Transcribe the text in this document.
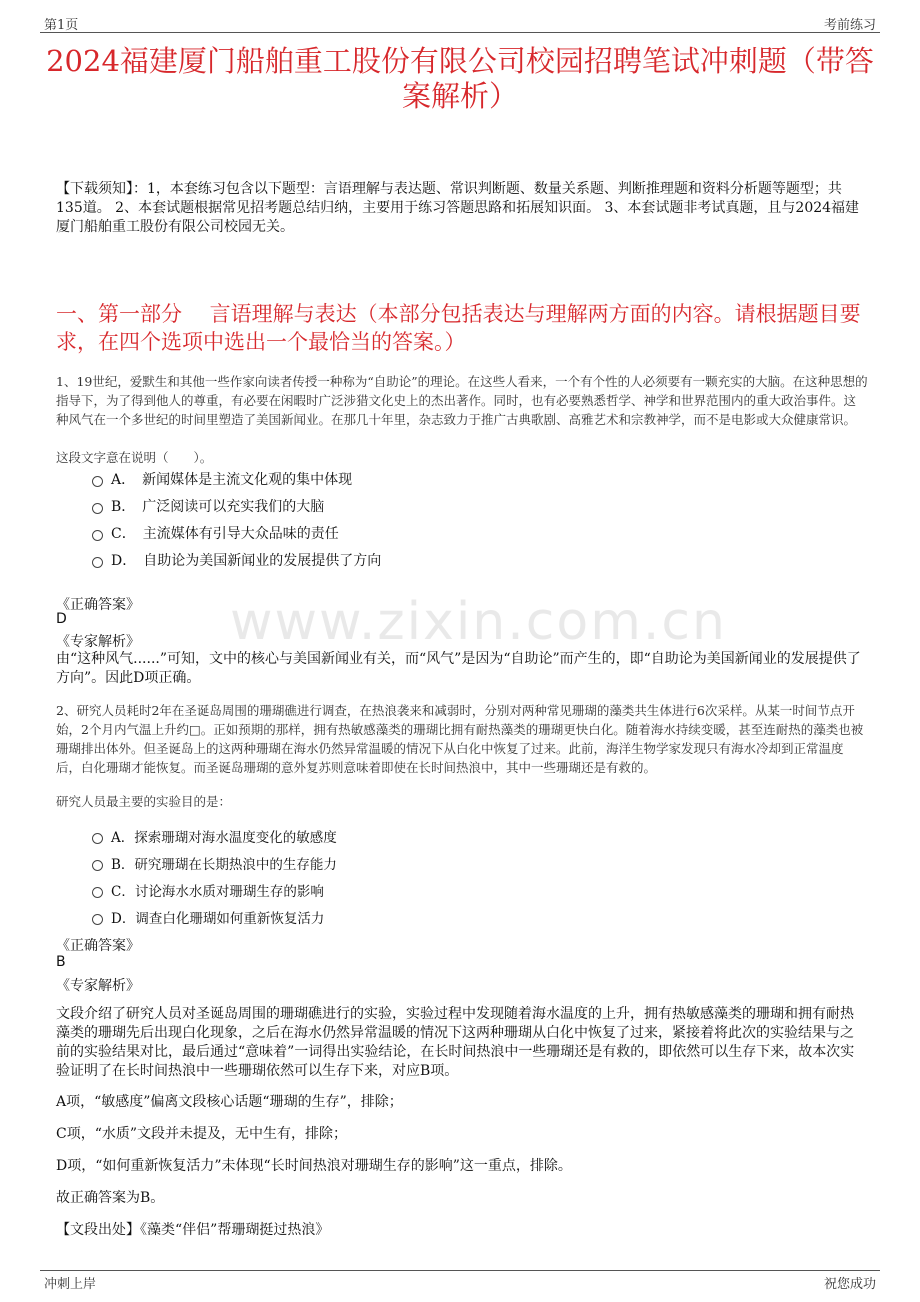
第1页	考前练习
www.zixin.com.cn
2024福建厦门船舶重工股份有限公司校园招聘笔试冲刺题（带答案解析）
【下载须知】：1，本套练习包含以下题型：言语理解与表达题、常识判断题、数量关系题、判断推理题和资料分析题等题型；共135道。 2、本套试题根据常见招考题总结归纳，主要用于练习答题思路和拓展知识面。 3、本套试题非考试真题，且与2024福建厦门船舶重工股份有限公司校园无关。
一、第一部分　 言语理解与表达（本部分包括表达与理解两方面的内容。请根据题目要求，在四个选项中选出一个最恰当的答案。）
1、19世纪，爱默生和其他一些作家向读者传授一种称为“自助论”的理论。在这些人看来，一个有个性的人必须要有一颗充实的大脑。在这种思想的指导下，为了得到他人的尊重，有必要在闲暇时广泛涉猎文化史上的杰出著作。同时，也有必要熟悉哲学、神学和世界范围内的重大政治事件。这种风气在一个多世纪的时间里塑造了美国新闻业。在那几十年里，杂志致力于推广古典歌剧、高雅艺术和宗教神学，而不是电影或大众健康常识。
这段文字意在说明（　　）。
A．　新闻媒体是主流文化观的集中体现
B．　广泛阅读可以充实我们的大脑
C．　主流媒体有引导大众品味的责任
D．　自助论为美国新闻业的发展提供了方向
《正确答案》
D
《专家解析》
由“这种风气......”可知，文中的核心与美国新闻业有关，而“风气”是因为“自助论”而产生的，即“自助论为美国新闻业的发展提供了方向”。因此D项正确。
2、研究人员耗时2年在圣诞岛周围的珊瑚礁进行调查，在热浪袭来和减弱时，分别对两种常见珊瑚的藻类共生体进行6次采样。从某一时间节点开始，2个月内气温上升约□。正如预期的那样，拥有热敏感藻类的珊瑚比拥有耐热藻类的珊瑚更快白化。随着海水持续变暖，甚至连耐热的藻类也被珊瑚排出体外。但圣诞岛上的这两种珊瑚在海水仍然异常温暖的情况下从白化中恢复了过来。此前，海洋生物学家发现只有海水冷却到正常温度后，白化珊瑚才能恢复。而圣诞岛珊瑚的意外复苏则意味着即使在长时间热浪中，其中一些珊瑚还是有救的。
研究人员最主要的实验目的是：
A．探索珊瑚对海水温度变化的敏感度
B．研究珊瑚在长期热浪中的生存能力
C．讨论海水水质对珊瑚生存的影响
D．调查白化珊瑚如何重新恢复活力
《正确答案》
B
《专家解析》
文段介绍了研究人员对圣诞岛周围的珊瑚礁进行的实验，实验过程中发现随着海水温度的上升，拥有热敏感藻类的珊瑚和拥有耐热藻类的珊瑚先后出现白化现象，之后在海水仍然异常温暖的情况下这两种珊瑚从白化中恢复了过来，紧接着将此次的实验结果与之前的实验结果对比，最后通过“意味着”一词得出实验结论，在长时间热浪中一些珊瑚还是有救的，即依然可以生存下来，故本次实验证明了在长时间热浪中一些珊瑚依然可以生存下来，对应B项。
A项，“敏感度”偏离文段核心话题“珊瑚的生存”，排除；
C项，“水质”文段并未提及，无中生有，排除；
D项，“如何重新恢复活力”未体现“长时间热浪对珊瑚生存的影响”这一重点，排除。
故正确答案为B。
【文段出处】《藻类“伴侣”帮珊瑚挺过热浪》
冲刺上岸	祝您成功
